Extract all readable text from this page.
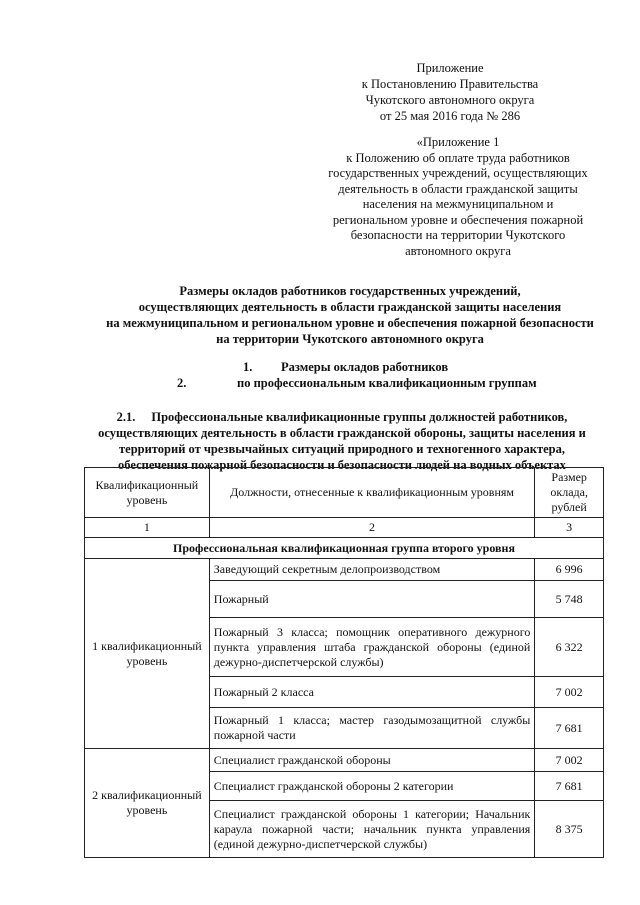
Приложение
к Постановлению Правительства
Чукотского автономного округа
от 25 мая 2016 года № 286
«Приложение 1
к Положению об оплате труда работников
государственных учреждений, осуществляющих
деятельность в области гражданской защиты
населения на межмуниципальном и
региональном уровне и обеспечения пожарной
безопасности на территории Чукотского
автономного округа
Размеры окладов работников государственных учреждений,
осуществляющих деятельность в области гражданской защиты населения
на межмуниципальном и региональном уровне и обеспечения пожарной безопасности
на территории Чукотского автономного округа
1. Размеры окладов работников
2.	по профессиональным квалификационным группам
2.1. Профессиональные квалификационные группы должностей работников,
осуществляющих деятельность в области гражданской обороны, защиты населения и
территорий от чрезвычайных ситуаций природного и техногенного характера,
обеспечения пожарной безопасности и безопасности людей на водных объектах
Квалификационный уровень	Должности, отнесенные к квалификационным уровням	Размер оклада, рублей
1	2	3
Профессиональная квалификационная группа второго уровня		
1 квалификационный уровень	Заведующий секретным делопроизводством	6 996
	Пожарный	5 748
	Пожарный 3 класса; помощник оперативного дежурного пункта управления штаба гражданской обороны (единой дежурно-диспетчерской службы)	6 322
	Пожарный 2 класса	7 002
	Пожарный 1 класса; мастер газодымозащитной службы пожарной части	7 681
2 квалификационный уровень	Специалист гражданской обороны	7 002
	Специалист гражданской обороны 2 категории	7 681
	Специалист гражданской обороны 1 категории; Начальник караула пожарной части; начальник пункта управления (единой дежурно-диспетчерской службы)	8 375
